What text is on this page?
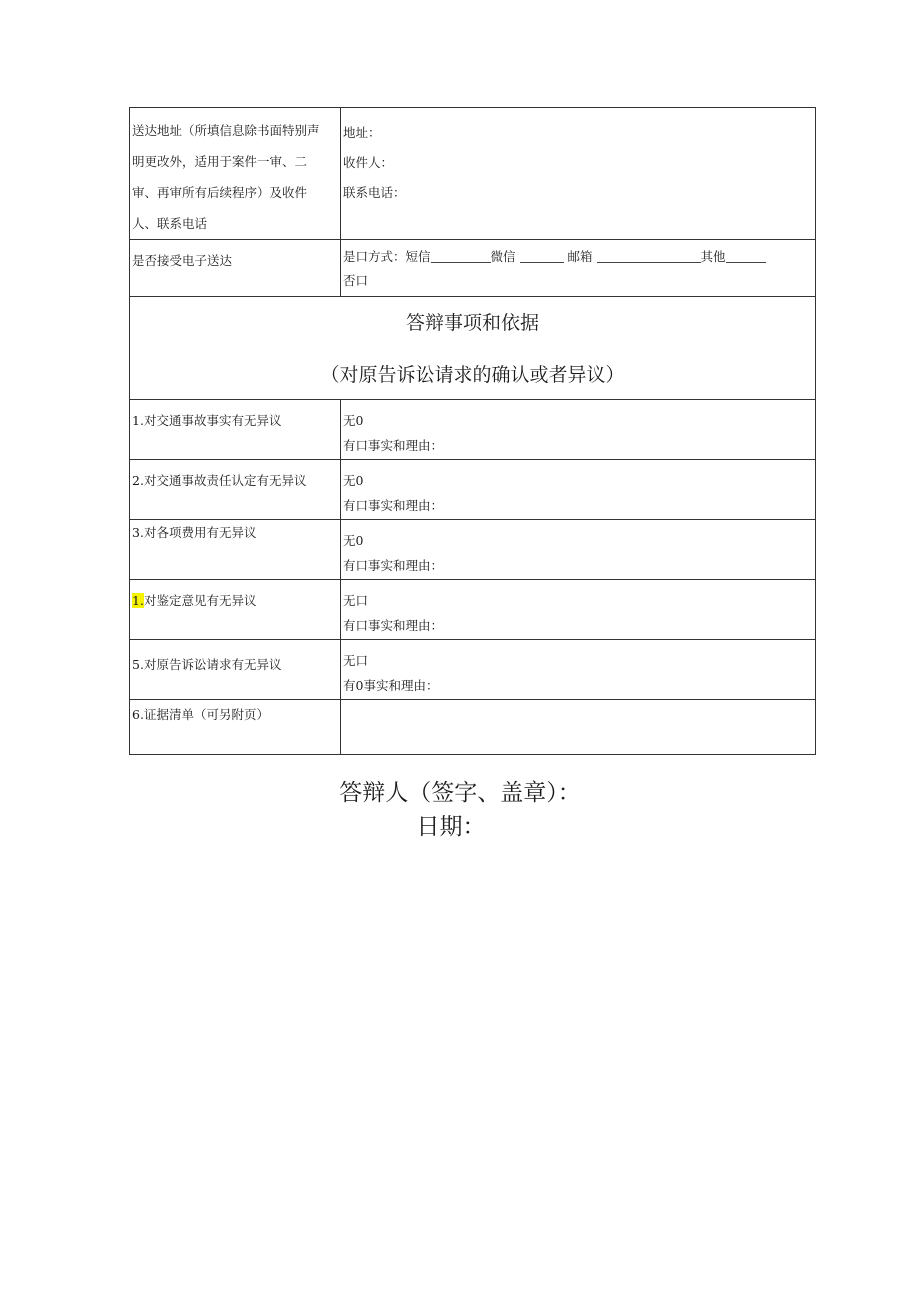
送达地址（所填信息除书面特别声
明更改外，适用于案件一审、二
审、再审所有后续程序）及收件
人、联系电话	地址：
收件人：
联系电话：

是否接受电子送达	是口方式：短信 微信 邮箱 其他
否口

答辩事项和依据
（对原告诉讼请求的确认或者异议）	

1.对交通事故事实有无异议	无0
有口事实和理由：

2.对交通事故责任认定有无异议	无0
有口事实和理由：

3.对各项费用有无异议	无0
有口事实和理由：

1.对鉴定意见有无异议	无口
有口事实和理由：

5.对原告诉讼请求有无异议	无口
有0事实和理由：

6.证据清单（可另附页）	
答辩人（签字、盖章）：
日期：
